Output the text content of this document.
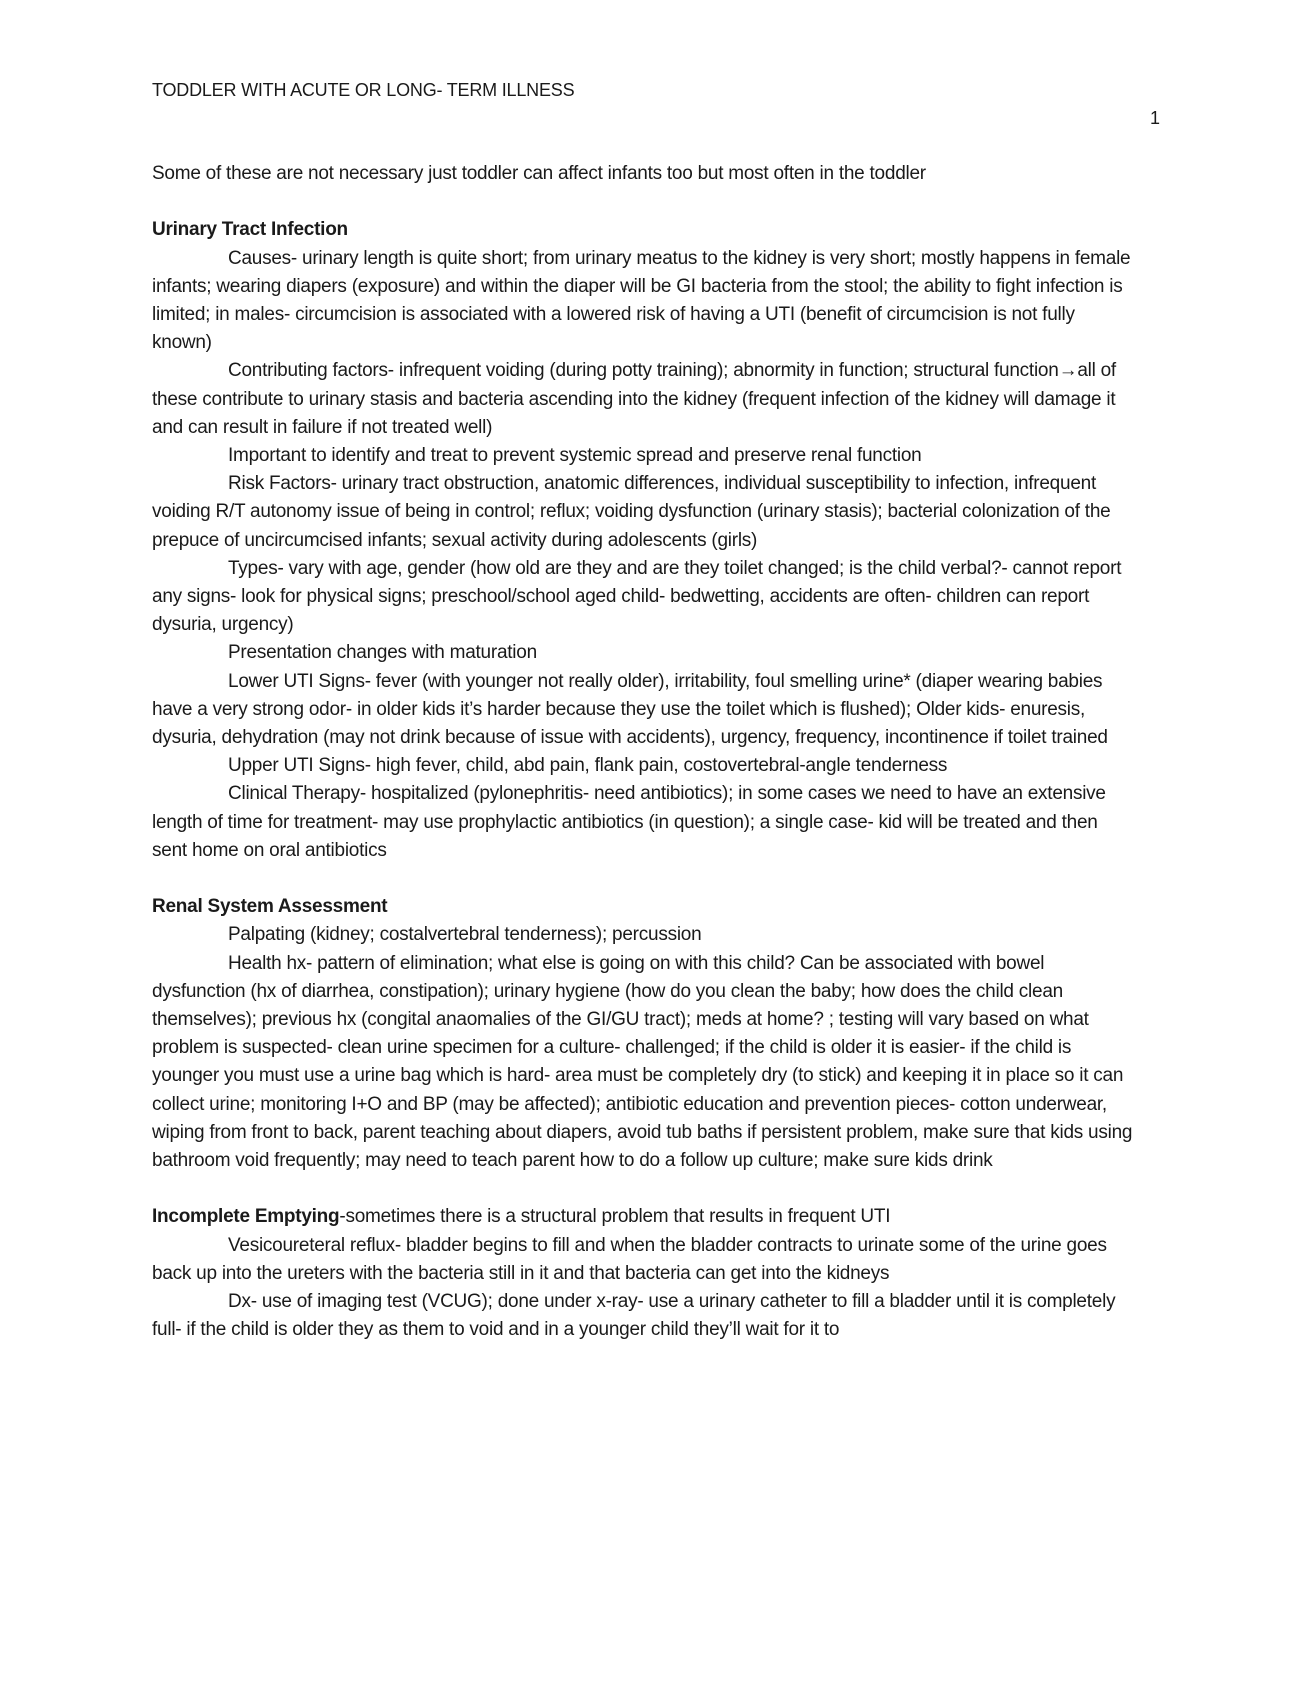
TODDLER WITH ACUTE OR LONG- TERM ILLNESS
1

Some of these are not necessary just toddler can affect infants too but most often in the toddler

Urinary Tract Infection

Causes- urinary length is quite short; from urinary meatus to the kidney is very short; mostly happens in female infants; wearing diapers (exposure) and within the diaper will be GI bacteria from the stool; the ability to fight infection is limited; in males- circumcision is associated with a lowered risk of having a UTI (benefit of circumcision is not fully known)

Contributing factors- infrequent voiding (during potty training); abnormity in function; structural function→all of these contribute to urinary stasis and bacteria ascending into the kidney (frequent infection of the kidney will damage it and can result in failure if not treated well)

Important to identify and treat to prevent systemic spread and preserve renal function

Risk Factors- urinary tract obstruction, anatomic differences, individual susceptibility to infection, infrequent voiding R/T autonomy issue of being in control; reflux; voiding dysfunction (urinary stasis); bacterial colonization of the prepuce of uncircumcised infants; sexual activity during adolescents (girls)

Types- vary with age, gender (how old are they and are they toilet changed; is the child verbal?- cannot report any signs- look for physical signs; preschool/school aged child- bedwetting, accidents are often- children can report dysuria, urgency)

Presentation changes with maturation

Lower UTI Signs- fever (with younger not really older), irritability, foul smelling urine* (diaper wearing babies have a very strong odor- in older kids it’s harder because they use the toilet which is flushed); Older kids- enuresis, dysuria, dehydration (may not drink because of issue with accidents), urgency, frequency, incontinence if toilet trained

Upper UTI Signs- high fever, child, abd pain, flank pain, costovertebral-angle tenderness

Clinical Therapy- hospitalized (pylonephritis- need antibiotics); in some cases we need to have an extensive length of time for treatment- may use prophylactic antibiotics (in question); a single case- kid will be treated and then sent home on oral antibiotics

Renal System Assessment

Palpating (kidney; costalvertebral tenderness); percussion

Health hx- pattern of elimination; what else is going on with this child? Can be associated with bowel dysfunction (hx of diarrhea, constipation); urinary hygiene (how do you clean the baby; how does the child clean themselves); previous hx (congital anaomalies of the GI/GU tract); meds at home? ; testing will vary based on what problem is suspected- clean urine specimen for a culture- challenged; if the child is older it is easier- if the child is younger you must use a urine bag which is hard- area must be completely dry (to stick) and keeping it in place so it can collect urine; monitoring I+O and BP (may be affected); antibiotic education and prevention pieces- cotton underwear, wiping from front to back, parent teaching about diapers, avoid tub baths if persistent problem, make sure that kids using bathroom void frequently; may need to teach parent how to do a follow up culture; make sure kids drink

Incomplete Emptying-sometimes there is a structural problem that results in frequent UTI

Vesicoureteral reflux- bladder begins to fill and when the bladder contracts to urinate some of the urine goes back up into the ureters with the bacteria still in it and that bacteria can get into the kidneys

Dx- use of imaging test (VCUG); done under x-ray- use a urinary catheter to fill a bladder until it is completely full- if the child is older they as them to void and in a younger child they’ll wait for it to
